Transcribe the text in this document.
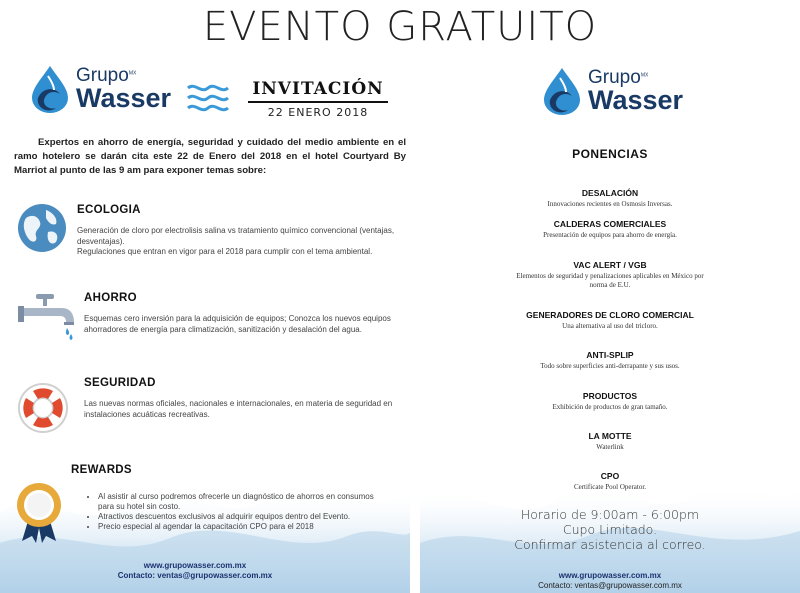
EVENTO GRATUITO
Grupo$^{MX}$
Wasser	INVITACIÓN
22 ENERO 2018
Expertos en ahorro de energía, seguridad y cuidado del medio ambiente en el ramo hotelero se darán cita este 22 de Enero del 2018 en el hotel Courtyard By Marriot al punto de las 9 am para exponer temas sobre:
ECOLOGIA
Generación de cloro por electrolisis salina vs tratamiento químico convencional (ventajas, desventajas).
Regulaciones que entran en vigor para el 2018 para cumplir con el tema ambiental.
AHORRO
Esquemas cero inversión para la adquisición de equipos; Conozca los nuevos equipos ahorradores de energía para climatización, sanitización y desalación del agua.
SEGURIDAD
Las nuevas normas oficiales, nacionales e internacionales, en materia de seguridad en instalaciones acuáticas recreativas.
REWARDS
• Al asistir al curso podremos ofrecerle un diagnóstico de ahorros en consumos para su hotel sin costo.
• Atractivos descuentos exclusivos al adquirir equipos dentro del Evento.
• Precio especial al agendar la capacitación CPO para el 2018
www.grupowasser.com.mx
Contacto: ventas@grupowasser.com.mx
Grupo$^{MX}$
Wasser
PONENCIAS
DESALACIÓN
Innovaciones recientes en Osmosis Inversas.
CALDERAS COMERCIALES
Presentación de equipos para ahorro de energía.
VAC ALERT / VGB
Elementos de seguridad y penalizaciones aplicables en México por norma de E.U.
GENERADORES DE CLORO COMERCIAL
Una alternativa al uso del tricloro.
ANTI-SPLIP
Todo sobre superficies anti-derrapante y sus usos.
PRODUCTOS
Exhibición de productos de gran tamaño.
LA MOTTE
Waterlink
CPO
Certificate Pool Operator.
Horario de 9:00am - 6:00pm
Cupo Limitado.
Confirmar asistencia al correo.
www.grupowasser.com.mx
Contacto: ventas@grupowasser.com.mx
